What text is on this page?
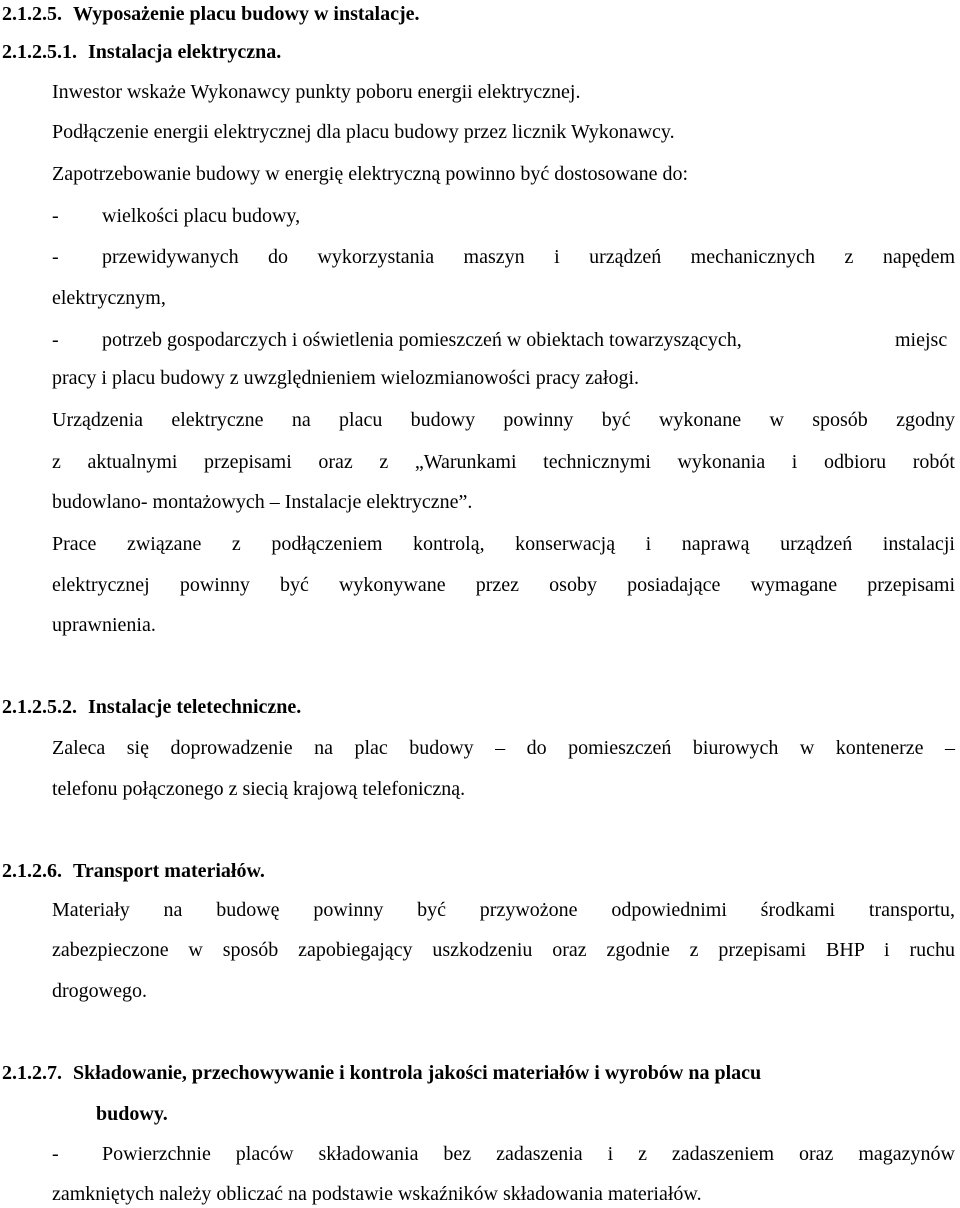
2.1.2.5. Wyposażenie placu budowy w instalacje.
2.1.2.5.1. Instalacja elektryczna.
Inwestor wskaże Wykonawcy punkty poboru energii elektrycznej.
Podłączenie energii elektrycznej dla placu budowy przez licznik Wykonawcy.
Zapotrzebowanie budowy w energię elektryczną powinno być dostosowane do:
- wielkości placu budowy,
- przewidywanych do wykorzystania maszyn i urządzeń mechanicznych z napędem
elektrycznym,
- potrzeb gospodarczych i oświetlenia pomieszczeń w obiektach towarzyszących,	miejsc
pracy i placu budowy z uwzględnieniem wielozmianowości pracy załogi.
Urządzenia elektryczne na placu budowy powinny być wykonane w sposób zgodny
z aktualnymi przepisami oraz z „Warunkami technicznymi wykonania i odbioru robót
budowlano- montażowych – Instalacje elektryczne”.
Prace związane z podłączeniem kontrolą, konserwacją i naprawą urządzeń instalacji
elektrycznej powinny być wykonywane przez osoby posiadające wymagane przepisami
uprawnienia.
2.1.2.5.2. Instalacje teletechniczne.
Zaleca się doprowadzenie na plac budowy – do pomieszczeń biurowych w kontenerze –
telefonu połączonego z siecią krajową telefoniczną.
2.1.2.6. Transport materiałów.
Materiały na budowę powinny być przywożone odpowiednimi środkami transportu,
zabezpieczone w sposób zapobiegający uszkodzeniu oraz zgodnie z przepisami BHP i ruchu
drogowego.
2.1.2.7. Składowanie, przechowywanie i kontrola jakości materiałów i wyrobów na placu
budowy.
- Powierzchnie placów składowania bez zadaszenia i z zadaszeniem oraz magazynów
zamkniętych należy obliczać na podstawie wskaźników składowania materiałów.
